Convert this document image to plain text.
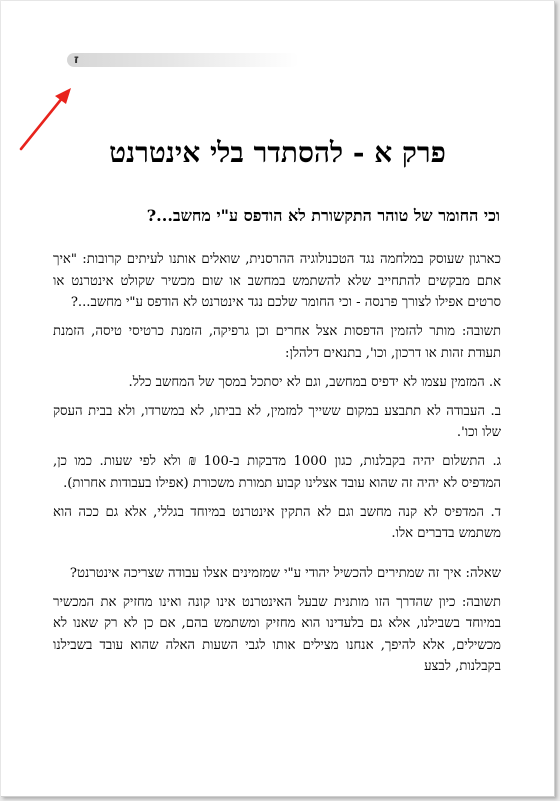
ז
פרק א - להסתדר בלי אינטרנט
וכי החומר של טוהר התקשורת לא הודפס ע"י מחשב...?

כארגון שעוסק במלחמה נגד הטכנולוגיה ההרסנית, שואלים אותנו לעיתים קרובות: "איך אתם מבקשים להתחייב שלא להשתמש במחשב או שום מכשיר שקולט אינטרנט או סרטים אפילו לצורך פרנסה - וכי החומר שלכם נגד אינטרנט לא הודפס ע"י מחשב...?

תשובה: מותר להזמין הדפסות אצל אחרים וכן גרפיקה, הזמנת כרטיסי טיסה, הזמנת תעודת זהות או דרכון, וכו', בתנאים דלהלן:

א. המזמין עצמו לא ידפיס במחשב, וגם לא יסתכל במסך של המחשב כלל.

ב. העבודה לא תתבצע במקום ששייך למזמין, לא בביתו, לא במשרדו, ולא בבית העסק שלו וכו'.

ג. התשלום יהיה בקבלנות, כגון 1000 מדבקות ב-100 ₪ ולא לפי שעות. כמו כן, המדפיס לא יהיה זה שהוא עובד אצלינו קבוע תמורת משכורת (אפילו בעבודות אחרות).

ד. המדפיס לא קנה מחשב וגם לא התקין אינטרנט במיוחד בגללי, אלא גם ככה הוא משתמש בדברים אלו.

שאלה: איך זה שמתירים להכשיל יהודי ע"י שמזמינים אצלו עבודה שצריכה אינטרנט?

תשובה: כיון שהדרך הזו מותנית שבעל האינטרנט אינו קונה ואינו מחזיק את המכשיר במיוחד בשבילנו, אלא גם בלעדינו הוא מחזיק ומשתמש בהם, אם כן לא רק שאנו לא מכשילים, אלא להיפך, אנחנו מצילים אותו לגבי השעות האלה שהוא עובד בשבילנו בקבלנות, לבצע
